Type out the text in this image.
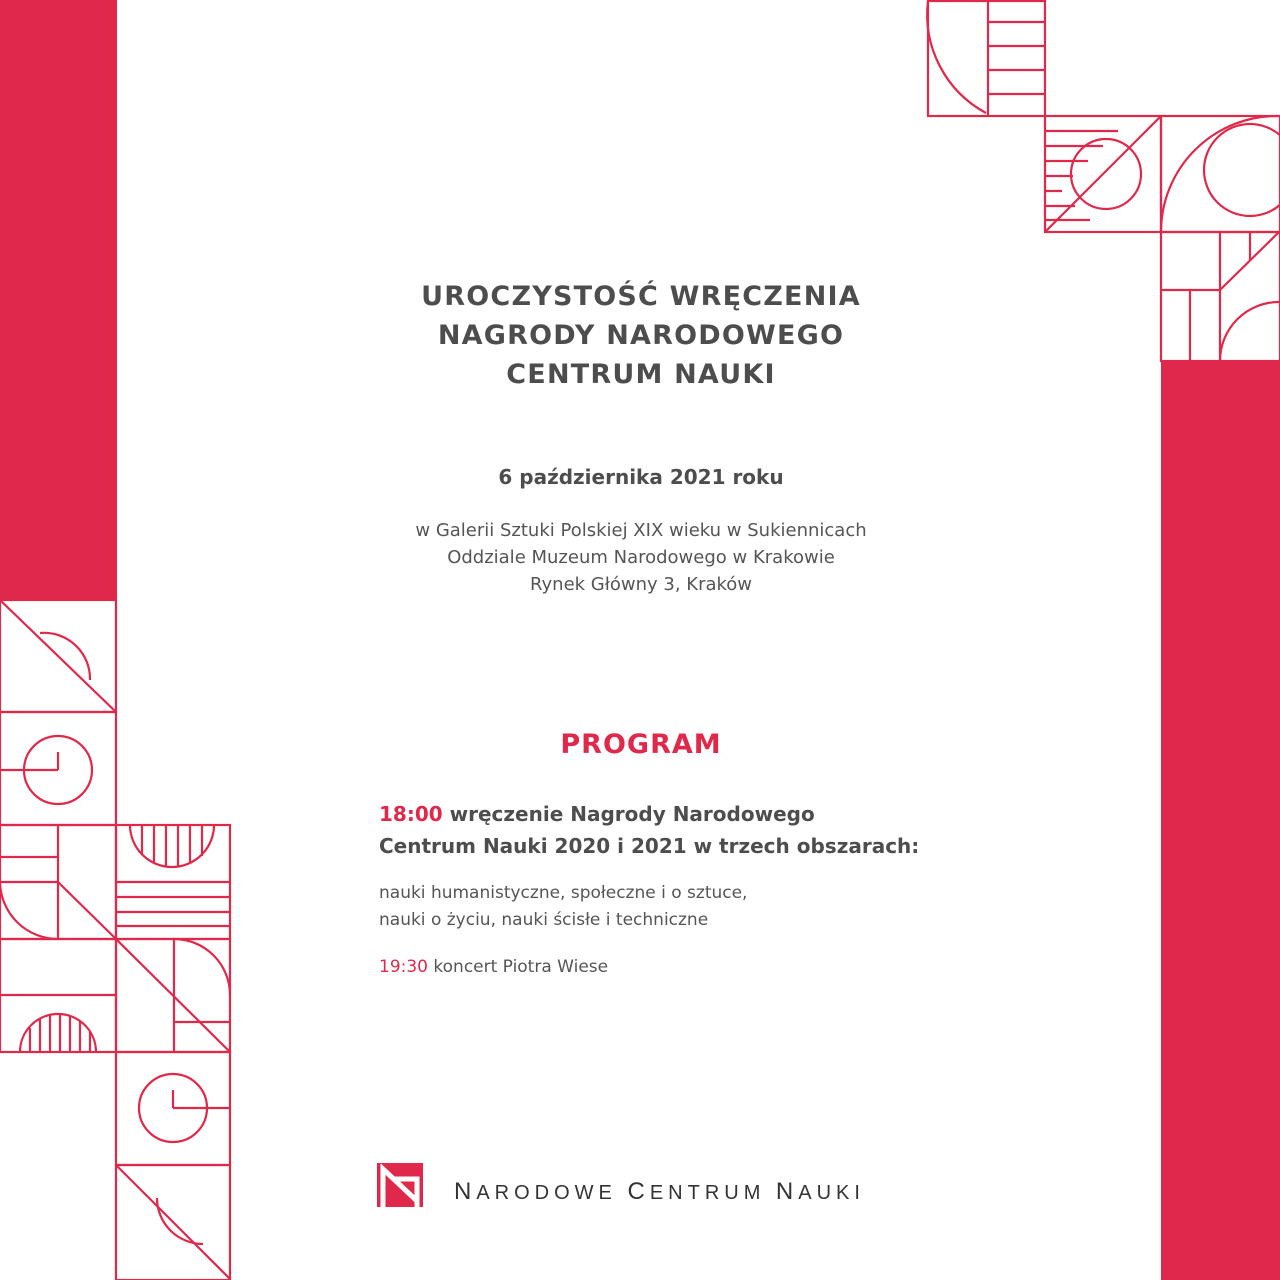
UROCZYSTOŚĆ WRĘCZENIA
NAGRODY NARODOWEGO
CENTRUM NAUKI
6 października 2021 roku
w Galerii Sztuki Polskiej XIX wieku w Sukiennicach
Oddziale Muzeum Narodowego w Krakowie
Rynek Główny 3, Kraków
PROGRAM
18:00 wręczenie Nagrody Narodowego
Centrum Nauki 2020 i 2021 w trzech obszarach:
nauki humanistyczne, społeczne i o sztuce,
nauki o życiu, nauki ścisłe i techniczne
19:30 koncert Piotra Wiese
NARODOWE CENTRUM NAUKI
